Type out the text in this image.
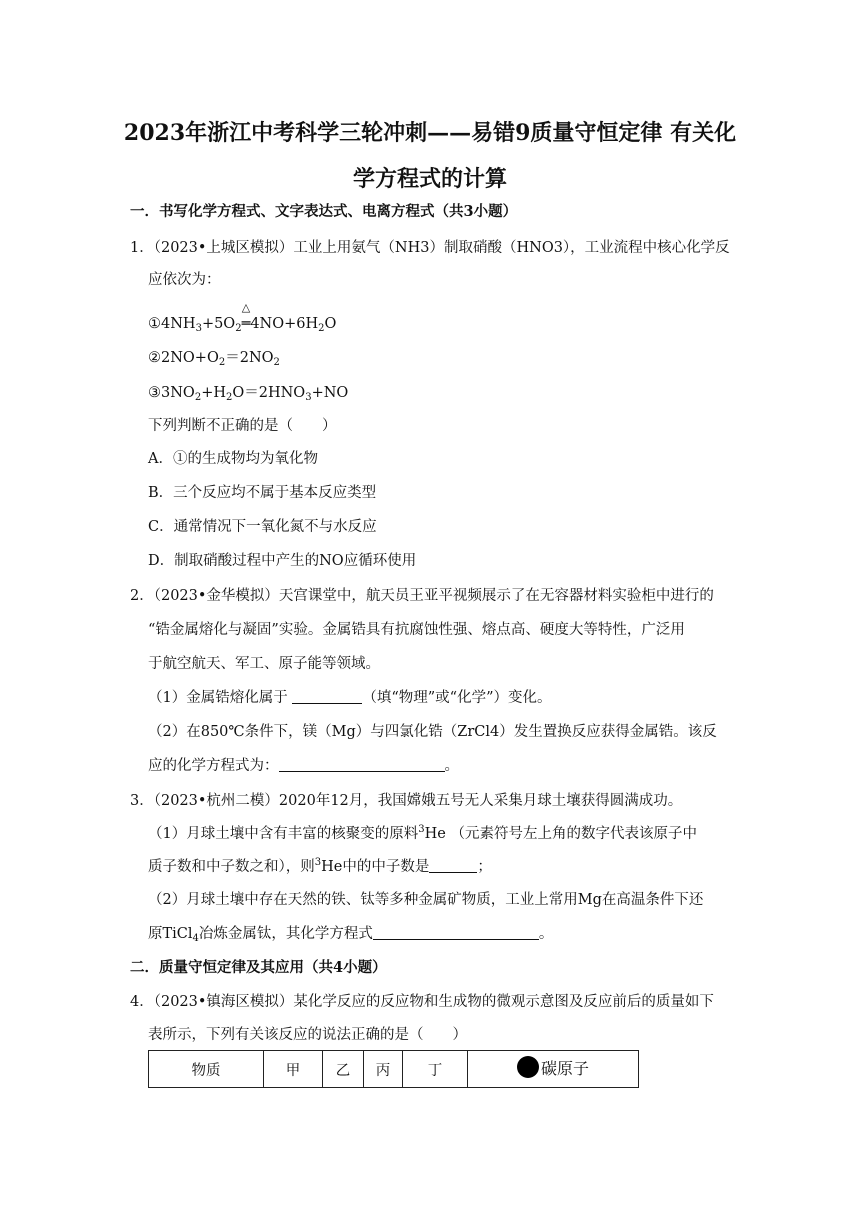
2023年浙江中考科学三轮冲刺——易错9质量守恒定律 有关化
学方程式的计算
一．书写化学方程式、文字表达式、电离方程式（共3小题）
1．（2023•上城区模拟）工业上用氨气（NH3）制取硝酸（HNO3），工业流程中核心化学反
应依次为：
$①4NH_3+5O_2$
△
$═4NO+6H_2O$
$②2NO+O_2=2NO_2$
$③3NO_2+H_2O=2HNO_3+NO$
下列判断不正确的是（　　）
A．①的生成物均为氧化物
B．三个反应均不属于基本反应类型
C．通常情况下一氧化氮不与水反应
D．制取硝酸过程中产生的NO应循环使用
2．（2023•金华模拟）天宫课堂中，航天员王亚平视频展示了在无容器材料实验柜中进行的
“锆金属熔化与凝固”实验。金属锆具有抗腐蚀性强、熔点高、硬度大等特性，广泛用
于航空航天、军工、原子能等领域。
（1）金属锆熔化属于	（填“物理”或“化学”）变化。
（2）在850℃条件下，镁（Mg）与四氯化锆（ZrCl4）发生置换反应获得金属锆。该反
应的化学方程式为：	。
3．（2023•杭州二模）2020年12月，我国嫦娥五号无人采集月球土壤获得圆满成功。
（1）月球土壤中含有丰富的核聚变的原料$^3$He （元素符号左上角的数字代表该原子中
质子数和中子数之和），则$^3$He中的中子数是	；
（2）月球土壤中存在天然的铁、钛等多种金属矿物质，工业上常用Mg在高温条件下还
原TiCl$_4$冶炼金属钛，其化学方程式	。
二．质量守恒定律及其应用（共4小题）
4．（2023•镇海区模拟）某化学反应的反应物和生成物的微观示意图及反应前后的质量如下
表所示，下列有关该反应的说法正确的是（　　）
物质	甲	乙	丙	丁	碳原子
